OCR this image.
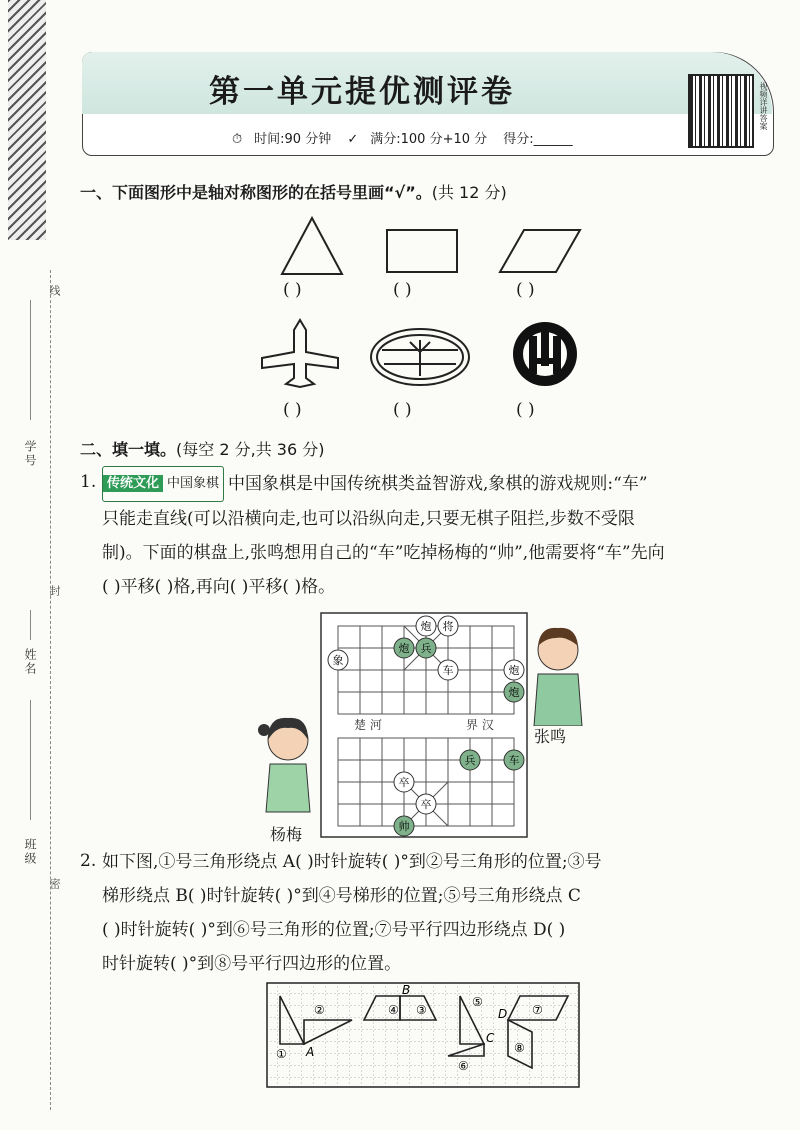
线
学号
封
姓名
班级
密
第一单元提优测评卷
⏱ 时间:90 分钟 ✓ 满分:100 分+10 分 得分:______
视频详讲答案
一、下面图形中是轴对称图形的在括号里画“√”。(共 12 分)
( )	( )	( )
( )	( )	( )
二、填一填。(每空 2 分,共 36 分)
1. 传统文化 中国象棋 中国象棋是中国传统棋类益智游戏,象棋的游戏规则:“车”
只能走直线(可以沿横向走,也可以沿纵向走,只要无棋子阻拦,步数不受限
制)。下面的棋盘上,张鸣想用自己的“车”吃掉杨梅的“帅”,他需要将“车”先向
( )平移( )格,再向( )平移( )格。
楚 河	界 汉
炮 将
炮 兵
象
车	炮
炮
兵	车
卒
卒
帅
杨梅
张鸣
2. 如下图,①号三角形绕点 A( )时针旋转( )°到②号三角形的位置;③号
梯形绕点 B( )时针旋转( )°到④号梯形的位置;⑤号三角形绕点 C
( )时针旋转( )°到⑥号三角形的位置;⑦号平行四边形绕点 D( )
时针旋转( )°到⑧号平行四边形的位置。
①
②	③
④
⑤
⑥
⑦
⑧
A
B
C
D
